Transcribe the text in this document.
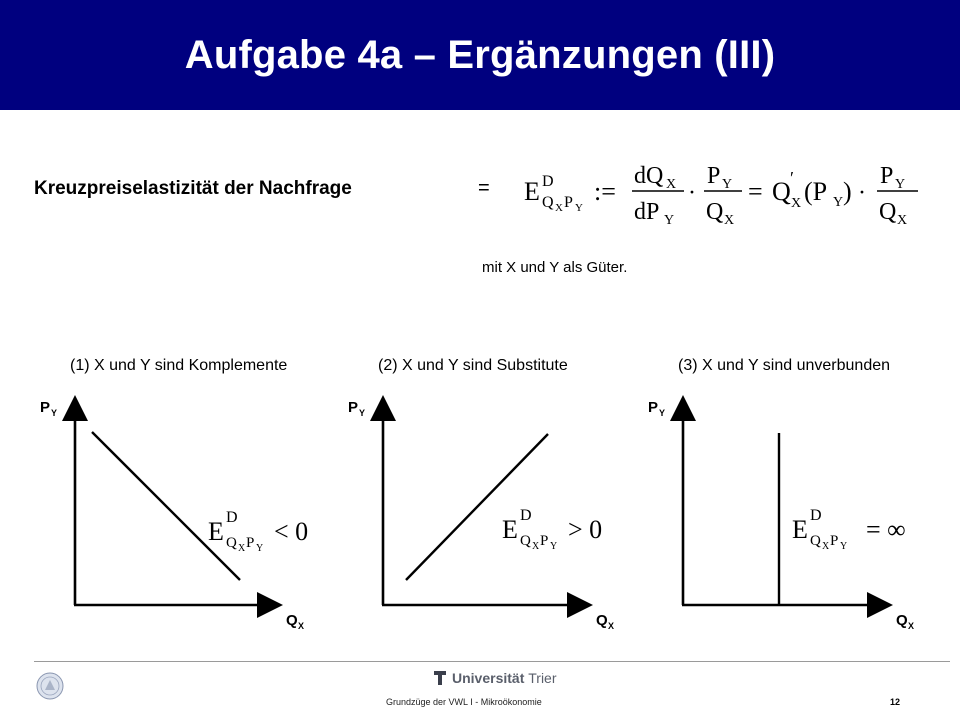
Aufgabe 4a – Ergänzungen (III)
Kreuzpreiselastizität der Nachfrage	= E D
Q X P Y
:=
dQ X
dP Y
·
P Y
Q X
= Q ′
X (P Y ) ·
P Y
Q X
mit X und Y als Güter.
(1) X und Y sind Komplemente	(2) X und Y sind Substitute	(3) X und Y sind unverbunden
P Y
Q X
E D
Q X P Y
< 0
P Y
Q X
E D
Q X P Y
> 0
P Y
Q X
E D
Q X P Y
= ∞
Universität Trier
Grundzüge der VWL I - Mikroökonomie	12
